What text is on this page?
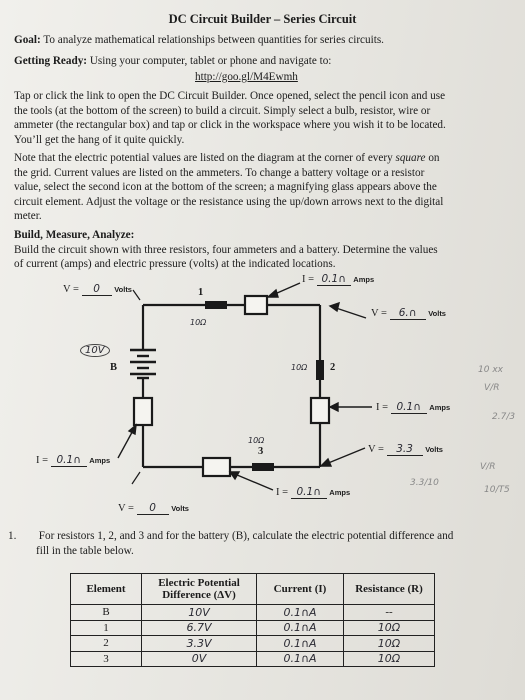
DC Circuit Builder – Series Circuit
Goal: To analyze mathematical relationships between quantities for series circuits.
Getting Ready: Using your computer, tablet or phone and navigate to:
http://goo.gl/M4Ewmh
Tap or click the link to open the DC Circuit Builder. Once opened, select the pencil icon and use
the tools (at the bottom of the screen) to build a circuit. Simply select a bulb, resistor, wire or
ammeter (the rectangular box) and tap or click in the workspace where you wish it to be located.
You’ll get the hang of it quite quickly.
Note that the electric potential values are listed on the diagram at the corner of every square on
the grid. Current values are listed on the ammeters. To change a battery voltage or a resistor
value, select the second icon at the bottom of the screen; a magnifying glass appears above the
circuit element. Adjust the voltage or the resistance using the up/down arrows next to the digital
meter.
Build, Measure, Analyze:
Build the circuit shown with three resistors, four ammeters and a battery. Determine the values
of current (amps) and electric pressure (volts) at the indicated locations.
V = 0 Volts	1
10Ω
I = 0.1∩ Amps
V = 6.∩ Volts
10V
B	10Ω 2
I = 0.1∩ Amps
10Ω
3	V = 3.3 Volts
I = 0.1∩ Amps
I = 0.1∩ Amps
V = 0 Volts
10 xx
V/R
2.7/3
V/R
10/T5
3.3/10
1. For resistors 1, 2, and 3 and for the battery (B), calculate the electric potential difference and
fill in the table below.
Element	Electric Potential Difference (ΔV)	Current (I)	Resistance (R)
B	10V	0.1∩A	--
1	6.7V	0.1∩A	10Ω
2	3.3V	0.1∩A	10Ω
3	0V	0.1∩A	10Ω
